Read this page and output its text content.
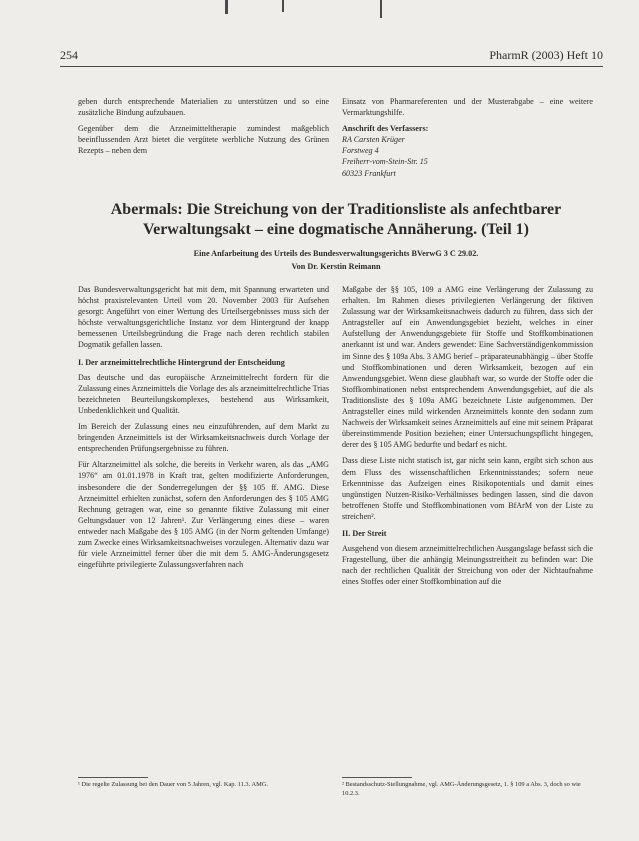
254	PharmR (2003) Heft 10

geben durch entsprechende Materialien zu unterstützen und so eine zusätzliche Bindung aufzubauen.

Gegenüber dem die Arzneimitteltherapie zumindest maßgeblich beeinflussenden Arzt bietet die vergütete werbliche Nutzung des Grünen Rezepts – neben dem

Einsatz von Pharmareferenten und der Musterabgabe – eine weitere Vermarktungshilfe.

Anschrift des Verfassers:
RA Carsten Krüger
Forstweg 4
Freiherr-vom-Stein-Str. 15
60323 Frankfurt
Abermals: Die Streichung von der Traditionsliste als anfechtbarer
Verwaltungsakt – eine dogmatische Annäherung. (Teil 1)
Eine Anfarbeitung des Urteils des Bundesverwaltungsgerichts BVerwG 3 C 29.02.
Von Dr. Kerstin Reimann

Das Bundesverwaltungsgericht hat mit dem, mit Spannung erwarteten und höchst praxisrelevanten Urteil vom 20. November 2003 für Aufsehen gesorgt: Angeführt von einer Wertung des Urteilsergebnisses muss sich der höchste verwaltungsgerichtliche Instanz vor dem Hintergrund der knapp bemessenen Urteilsbegründung die Frage nach deren rechtlich stabilen Dogmatik gefallen lassen.

I. Der arzneimittelrechtliche Hintergrund der Entscheidung

Das deutsche und das europäische Arzneimittelrecht fordern für die Zulassung eines Arzneimittels die Vorlage des als arzneimittelrechtliche Trias bezeichneten Beurteilungskomplexes, bestehend aus Wirksamkeit, Unbedenklichkeit und Qualität.

Im Bereich der Zulassung eines neu einzuführenden, auf dem Markt zu bringenden Arzneimittels ist der Wirksamkeitsnachweis durch Vorlage der entsprechenden Prüfungsergebnisse zu führen.

Für Altarzneimittel als solche, die bereits in Verkehr waren, als das „AMG 1976“ am 01.01.1978 in Kraft trat, gelten modifizierte Anforderungen, insbesondere die der Sonderregelungen der §§ 105 ff. AMG. Diese Arzneimittel erhielten zunächst, sofern den Anforderungen des § 105 AMG Rechnung getragen war, eine so genannte fiktive Zulassung mit einer Geltungsdauer von 12 Jahren¹. Zur Verlängerung eines diese – waren entweder nach Maßgabe des § 105 AMG (in der Norm geltenden Umfange) zum Zwecke eines Wirksamkeitsnachweises vorzulegen. Alternativ dazu war für viele Arzneimittel ferner über die mit dem 5. AMG-Änderungsgesetz eingeführte privilegierte Zulassungsverfahren nach

Maßgabe der §§ 105, 109 a AMG eine Verlängerung der Zulassung zu erhalten. Im Rahmen dieses privilegierten Verlängerung der fiktiven Zulassung war der Wirksamkeitsnachweis dadurch zu führen, dass sich der Antragsteller auf ein Anwendungsgebiet bezieht, welches in einer Aufstellung der Anwendungsgebiete für Stoffe und Stoffkombinationen anerkannt ist und war. Anders gewendet: Eine Sachverständigenkommission im Sinne des § 109a Abs. 3 AMG berief – präparateunabhängig – über Stoffe und Stoffkombinationen und deren Wirksamkeit, bezogen auf ein Anwendungsgebiet. Wenn diese glaubhaft war, so wurde der Stoffe oder die Stoffkombinationen nebst entsprechendem Anwendungsgebiet, auf die als Traditionsliste des § 109a AMG bezeichnete Liste aufgenommen. Der Antragsteller eines mild wirkenden Arzneimittels konnte den sodann zum Nachweis der Wirksamkeit seines Arzneimittels auf eine mit seinem Präparat übereinstimmende Position beziehen; einer Untersuchungspflicht hingegen, derer des § 105 AMG bedurfte und bedarf es nicht.

Dass diese Liste nicht statisch ist, gar nicht sein kann, ergibt sich schon aus dem Fluss des wissenschaftlichen Erkenntnisstandes; sofern neue Erkenntnisse das Aufzeigen eines Risikopotentials und damit eines ungünstigen Nutzen-Risiko-Verhältnisses bedingen lassen, sind die davon betroffenen Stoffe und Stoffkombinationen vom BfArM von der Liste zu streichen².

II. Der Streit

Ausgehend von diesem arzneimittelrechtlichen Ausgangslage befasst sich die Fragestellung, über die anhängig Meinungsstreitheit zu befinden war: Die nach der rechtlichen Qualität der Streichung von oder der Nichtaufnahme eines Stoffes oder einer Stoffkombination auf die

¹ Die regelte Zulassung bei den Dauer von 5 Jahren, vgl. Kap. 11.3. AMG.	² Bestandsschutz-Stellungnahme, vgl. AMG-Änderungsgesetz, 1. § 109 a Abs. 3, doch so wie 10.2.3.
